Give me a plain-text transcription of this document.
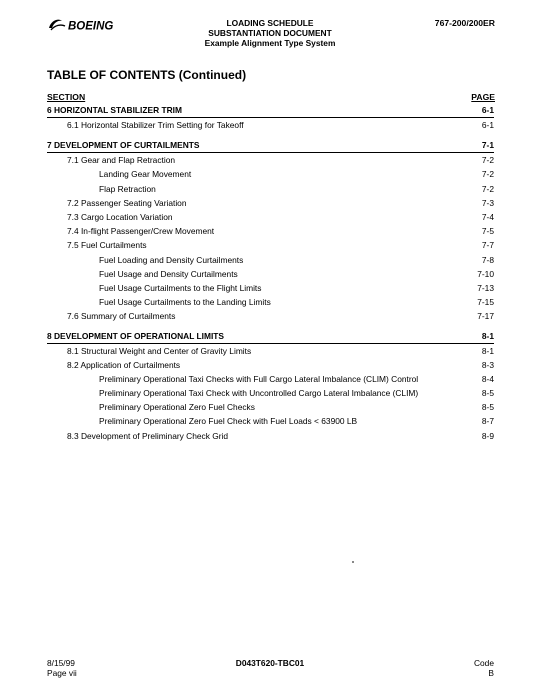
BOEING	LOADING SCHEDULE
SUBSTANTIATION DOCUMENT
Example Alignment Type System
767-200/200ER
TABLE OF CONTENTS (Continued)
SECTION	PAGE
6 HORIZONTAL STABILIZER TRIM	6-1
6.1 Horizontal Stabilizer Trim Setting for Takeoff	6-1
7 DEVELOPMENT OF CURTAILMENTS	7-1
7.1 Gear and Flap Retraction	7-2
Landing Gear Movement	7-2
Flap Retraction	7-2
7.2 Passenger Seating Variation	7-3
7.3 Cargo Location Variation	7-4
7.4 In-flight Passenger/Crew Movement	7-5
7.5 Fuel Curtailments	7-7
Fuel Loading and Density Curtailments	7-8
Fuel Usage and Density Curtailments	7-10
Fuel Usage Curtailments to the Flight Limits	7-13
Fuel Usage Curtailments to the Landing Limits	7-15
7.6 Summary of Curtailments	7-17
8 DEVELOPMENT OF OPERATIONAL LIMITS	8-1
8.1 Structural Weight and Center of Gravity Limits	8-1
8.2 Application of Curtailments	8-3
Preliminary Operational Taxi Checks with Full Cargo Lateral Imbalance (CLIM) Control	8-4
Preliminary Operational Taxi Check with Uncontrolled Cargo Lateral Imbalance (CLIM)	8-5
Preliminary Operational Zero Fuel Checks	8-5
Preliminary Operational Zero Fuel Check with Fuel Loads < 63900 LB	8-7
8.3 Development of Preliminary Check Grid	8-9
8/15/99
Page vii
D043T620-TBC01	Code
B
